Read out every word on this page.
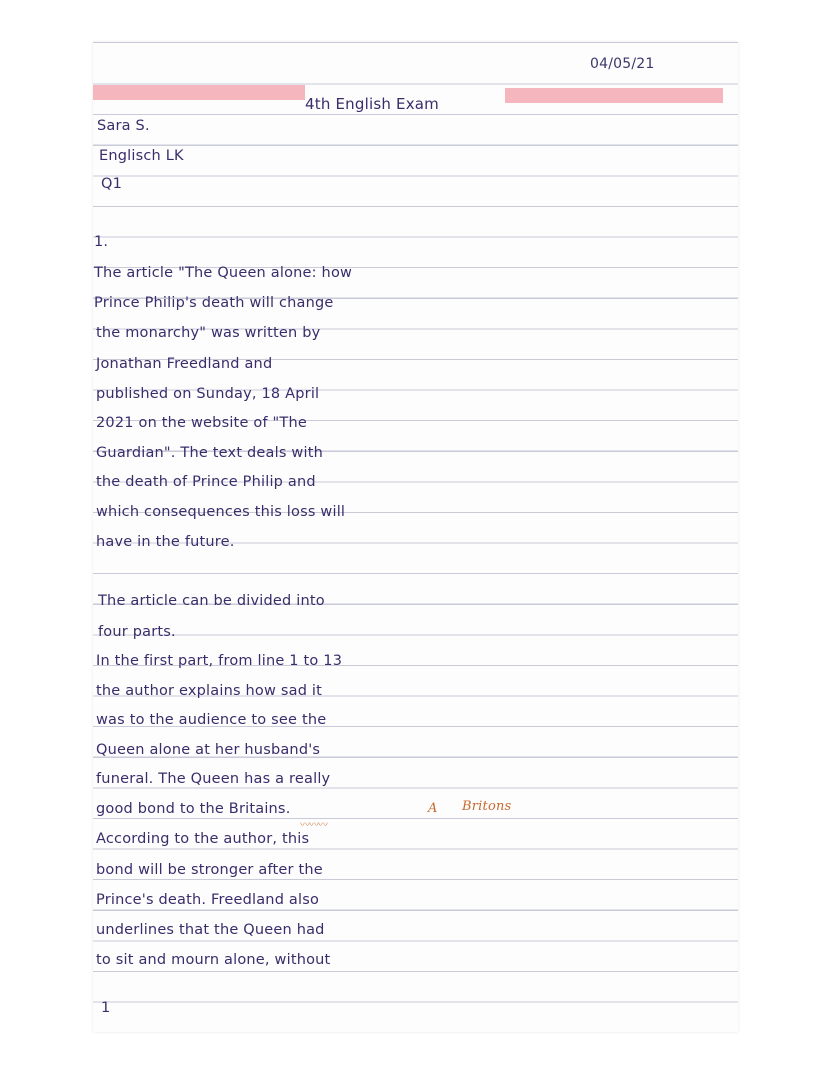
04/05/21

4th English Exam

Sara S.

Englisch LK

Q1

1.

The article "The Queen alone: how

Prince Philip's death will change

the monarchy" was written by

Jonathan Freedland and

published on Sunday, 18 April

2021 on the website of "The

Guardian". The text deals with

the death of Prince Philip and

which consequences this loss will

have in the future.

The article can be divided into

four parts.

In the first part, from line 1 to 13

the author explains how sad it

was to the audience to see the

Queen alone at her husband's

funeral. The Queen has a really

good bond to the Britains.

According to the author, this

bond will be stronger after the

Prince's death. Freedland also

underlines that the Queen had

to sit and mourn alone, without

〰〰〰

A Britons

1
